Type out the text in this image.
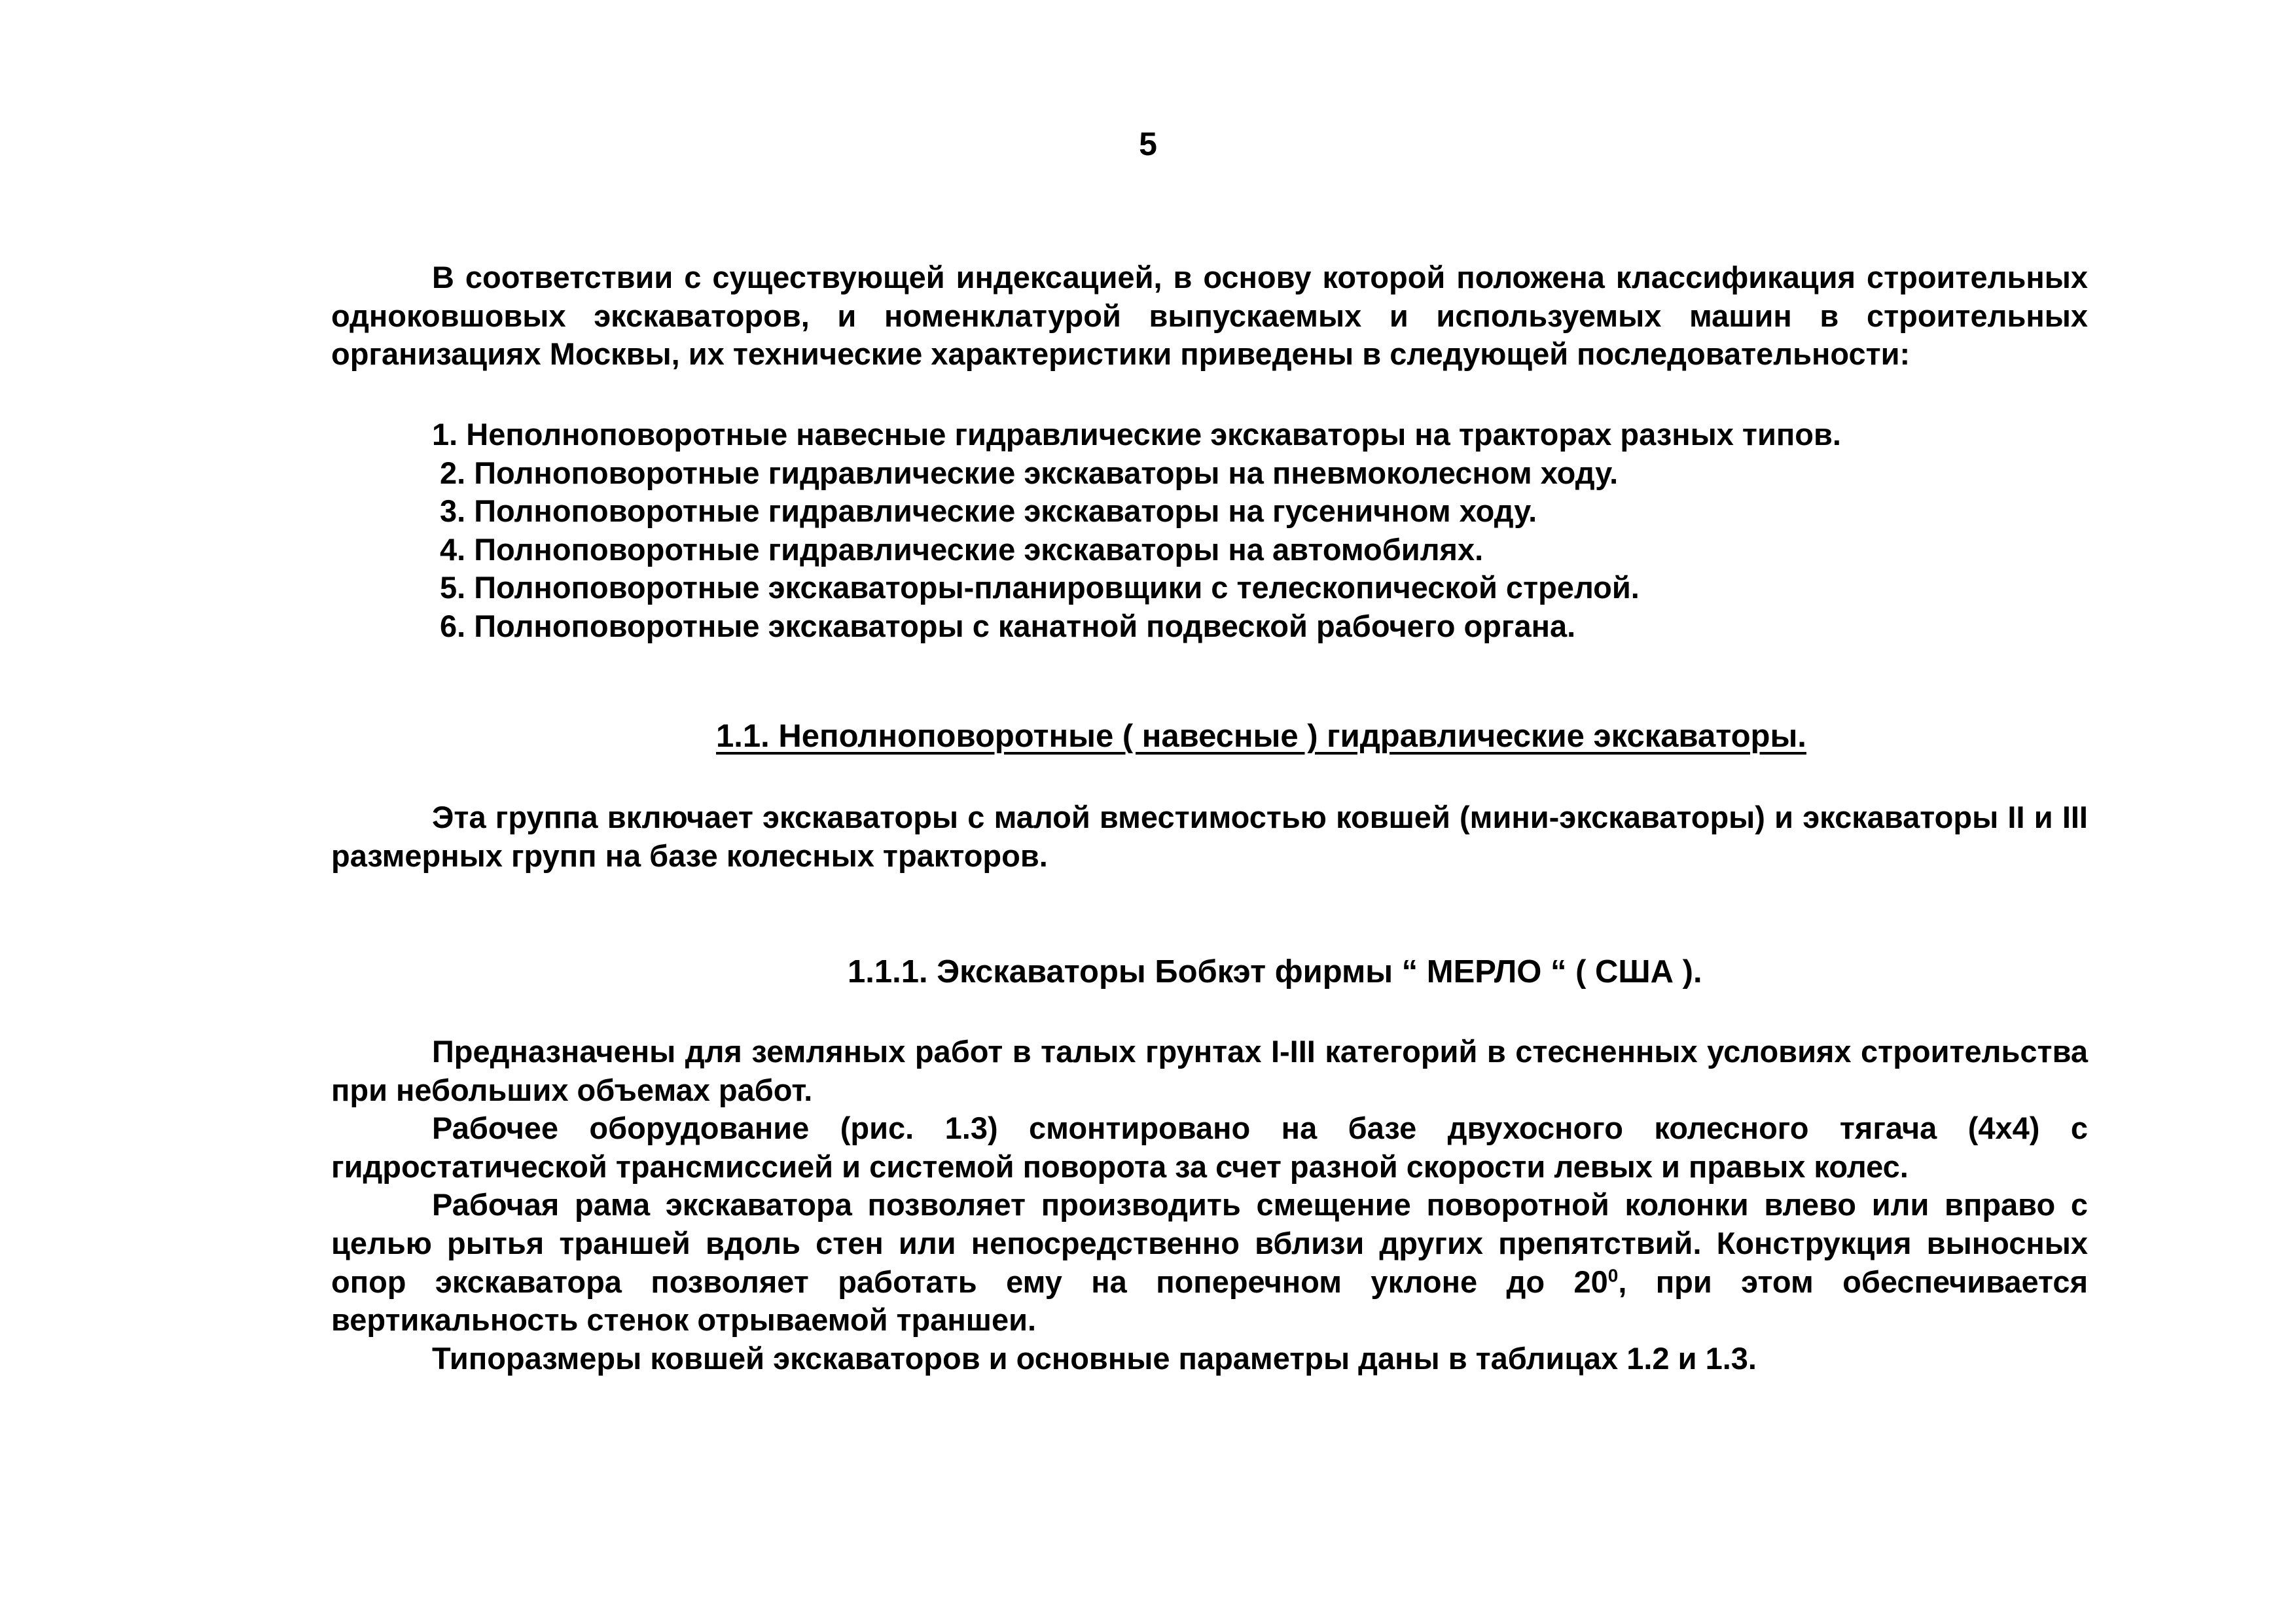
5

В соответствии с существующей индексацией, в основу которой положена классификация строительных одноковшовых экскаваторов, и номенклатурой выпускаемых и используемых машин в строительных организациях Москвы, их технические характеристики приведены в следующей последовательности:

1. Неполноповоротные навесные гидравлические экскаваторы на тракторах разных типов.
2. Полноповоротные гидравлические экскаваторы на пневмоколесном ходу.
3. Полноповоротные гидравлические экскаваторы на гусеничном ходу.
4. Полноповоротные гидравлические экскаваторы на автомобилях.
5. Полноповоротные экскаваторы-планировщики с телескопической стрелой.
6. Полноповоротные экскаваторы с канатной подвеской рабочего органа.
1.1. Неполноповоротные ( навесные ) гидравлические экскаваторы.

Эта группа включает экскаваторы с малой вместимостью ковшей (мини-экскаваторы) и экскаваторы II и III размерных групп на базе колесных тракторов.

1.1.1. Экскаваторы Бобкэт фирмы “ МЕРЛО “ ( США ).

Предназначены для земляных работ в талых грунтах I-III категорий в стесненных условиях строительства при небольших объемах работ.

Рабочее оборудование (рис. 1.3) смонтировано на базе двухосного колесного тягача (4х4) с гидростатической трансмиссией и системой поворота за счет разной скорости левых и правых колес.

Рабочая рама экскаватора позволяет производить смещение поворотной колонки влево или вправо с целью рытья траншей вдоль стен или непосредственно вблизи других препятствий. Конструкция выносных опор экскаватора позволяет работать ему на поперечном уклоне до $20^0$, при этом обеспечивается вертикальность стенок отрываемой траншеи.

Типоразмеры ковшей экскаваторов и основные параметры даны в таблицах 1.2 и 1.3.
